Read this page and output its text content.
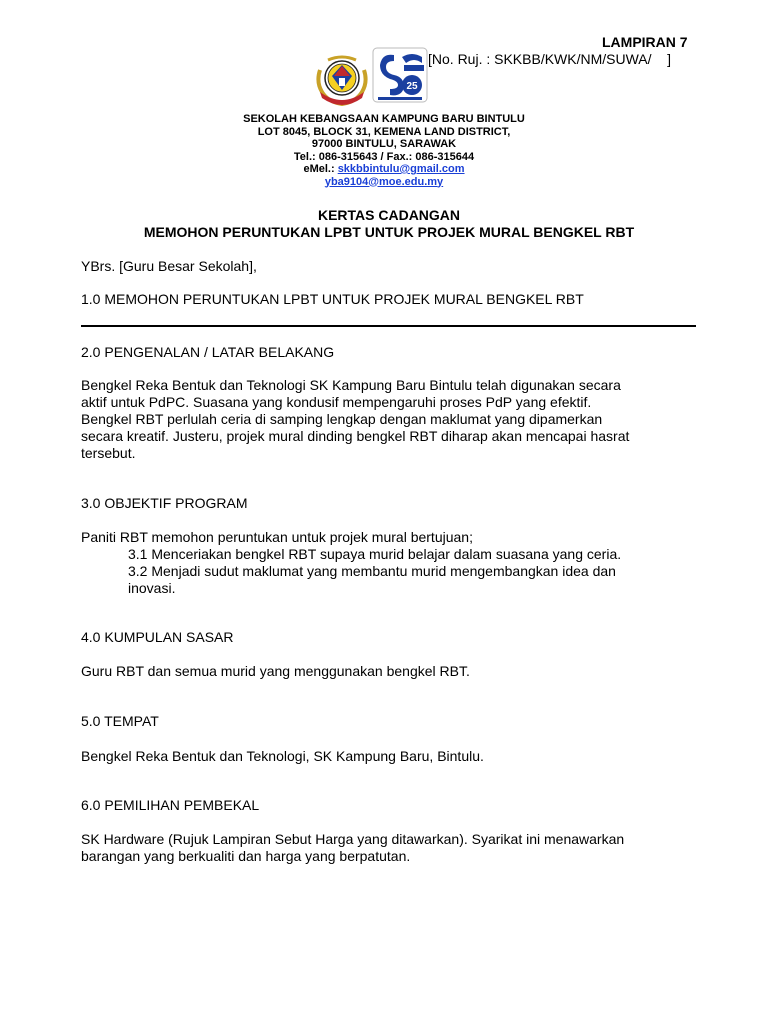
LAMPIRAN 7
[No. Ruj. : SKKBB/KWK/NM/SUWA/    ]
25
SEKOLAH KEBANGSAAN KAMPUNG BARU BINTULU
LOT 8045, BLOCK 31, KEMENA LAND DISTRICT,
97000 BINTULU, SARAWAK
Tel.: 086-315643 / Fax.: 086-315644
eMel.: skkbbintulu@gmail.com
yba9104@moe.edu.my
KERTAS CADANGAN
MEMOHON PERUNTUKAN LPBT UNTUK PROJEK MURAL BENGKEL RBT
YBrs. [Guru Besar Sekolah],
1.0 MEMOHON PERUNTUKAN LPBT UNTUK PROJEK MURAL BENGKEL RBT
2.0 PENGENALAN / LATAR BELAKANG
Bengkel Reka Bentuk dan Teknologi SK Kampung Baru Bintulu telah digunakan secara
aktif untuk PdPC. Suasana yang kondusif mempengaruhi proses PdP yang efektif.
Bengkel RBT perlulah ceria di samping lengkap dengan maklumat yang dipamerkan
secara kreatif. Justeru, projek mural dinding bengkel RBT diharap akan mencapai hasrat
tersebut.
3.0 OBJEKTIF PROGRAM
Paniti RBT memohon peruntukan untuk projek mural bertujuan;
3.1 Menceriakan bengkel RBT supaya murid belajar dalam suasana yang ceria.
3.2 Menjadi sudut maklumat yang membantu murid mengembangkan idea dan
inovasi.
4.0 KUMPULAN SASAR
Guru RBT dan semua murid yang menggunakan bengkel RBT.
5.0 TEMPAT
Bengkel Reka Bentuk dan Teknologi, SK Kampung Baru, Bintulu.
6.0 PEMILIHAN PEMBEKAL
SK Hardware (Rujuk Lampiran Sebut Harga yang ditawarkan). Syarikat ini menawarkan
barangan yang berkualiti dan harga yang berpatutan.
